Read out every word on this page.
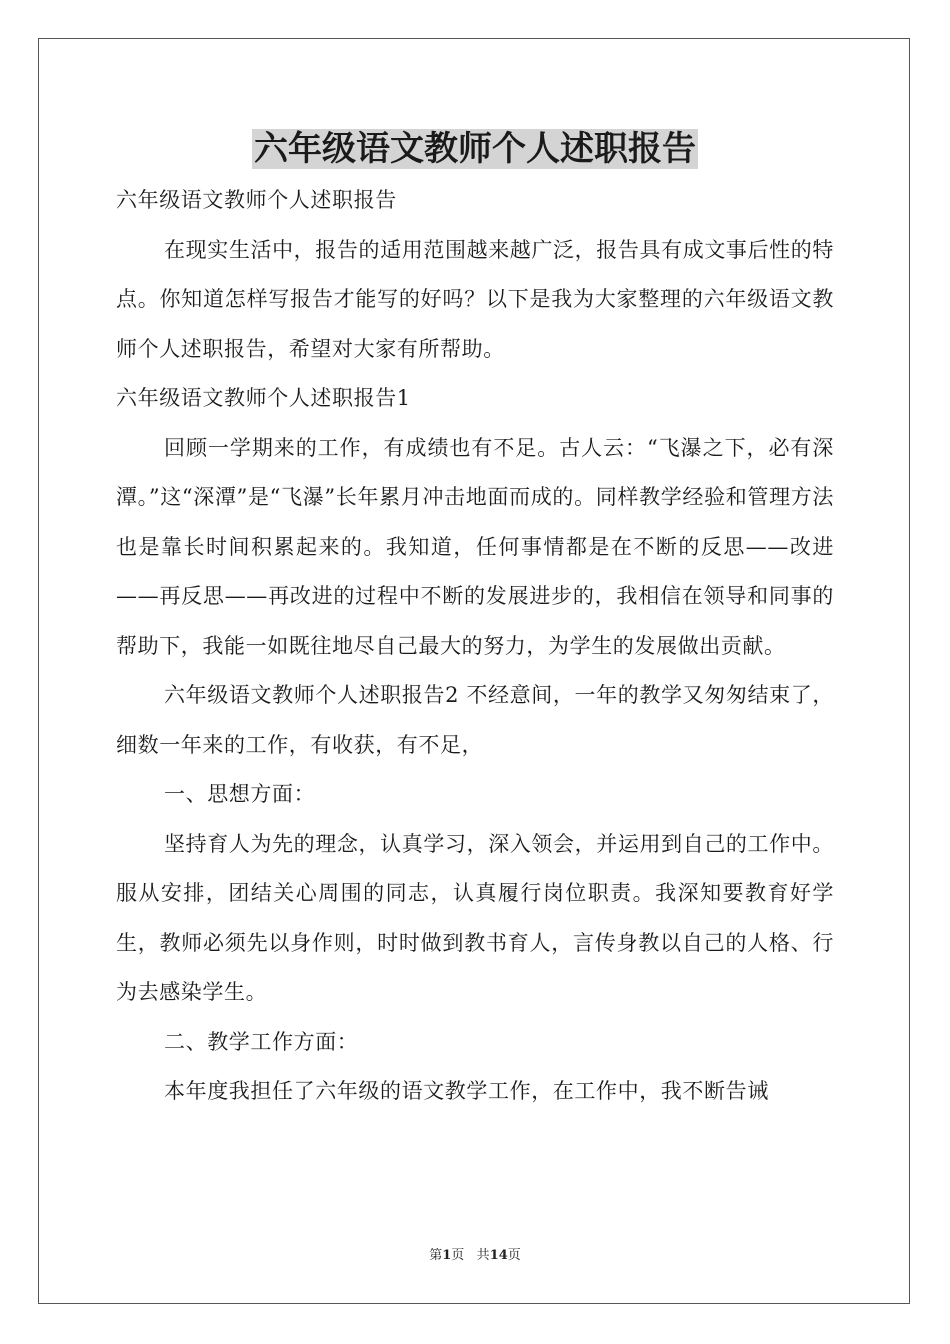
六年级语文教师个人述职报告

六年级语文教师个人述职报告

在现实生活中，报告的适用范围越来越广泛，报告具有成文事后性的特点。你知道怎样写报告才能写的好吗？以下是我为大家整理的六年级语文教师个人述职报告，希望对大家有所帮助。

六年级语文教师个人述职报告1

回顾一学期来的工作，有成绩也有不足。古人云：“飞瀑之下，必有深潭。”这“深潭”是“飞瀑”长年累月冲击地面而成的。同样教学经验和管理方法也是靠长时间积累起来的。我知道，任何事情都是在不断的反思——改进——再反思——再改进的过程中不断的发展进步的，我相信在领导和同事的帮助下，我能一如既往地尽自己最大的努力，为学生的发展做出贡献。

六年级语文教师个人述职报告2 不经意间，一年的教学又匆匆结束了，细数一年来的工作，有收获，有不足，

一、思想方面：

坚持育人为先的理念，认真学习，深入领会，并运用到自己的工作中。服从安排，团结关心周围的同志，认真履行岗位职责。我深知要教育好学生，教师必须先以身作则，时时做到教书育人，言传身教以自己的人格、行为去感染学生。

二、教学工作方面：

本年度我担任了六年级的语文教学工作，在工作中，我不断告诫

第1页 共14页
